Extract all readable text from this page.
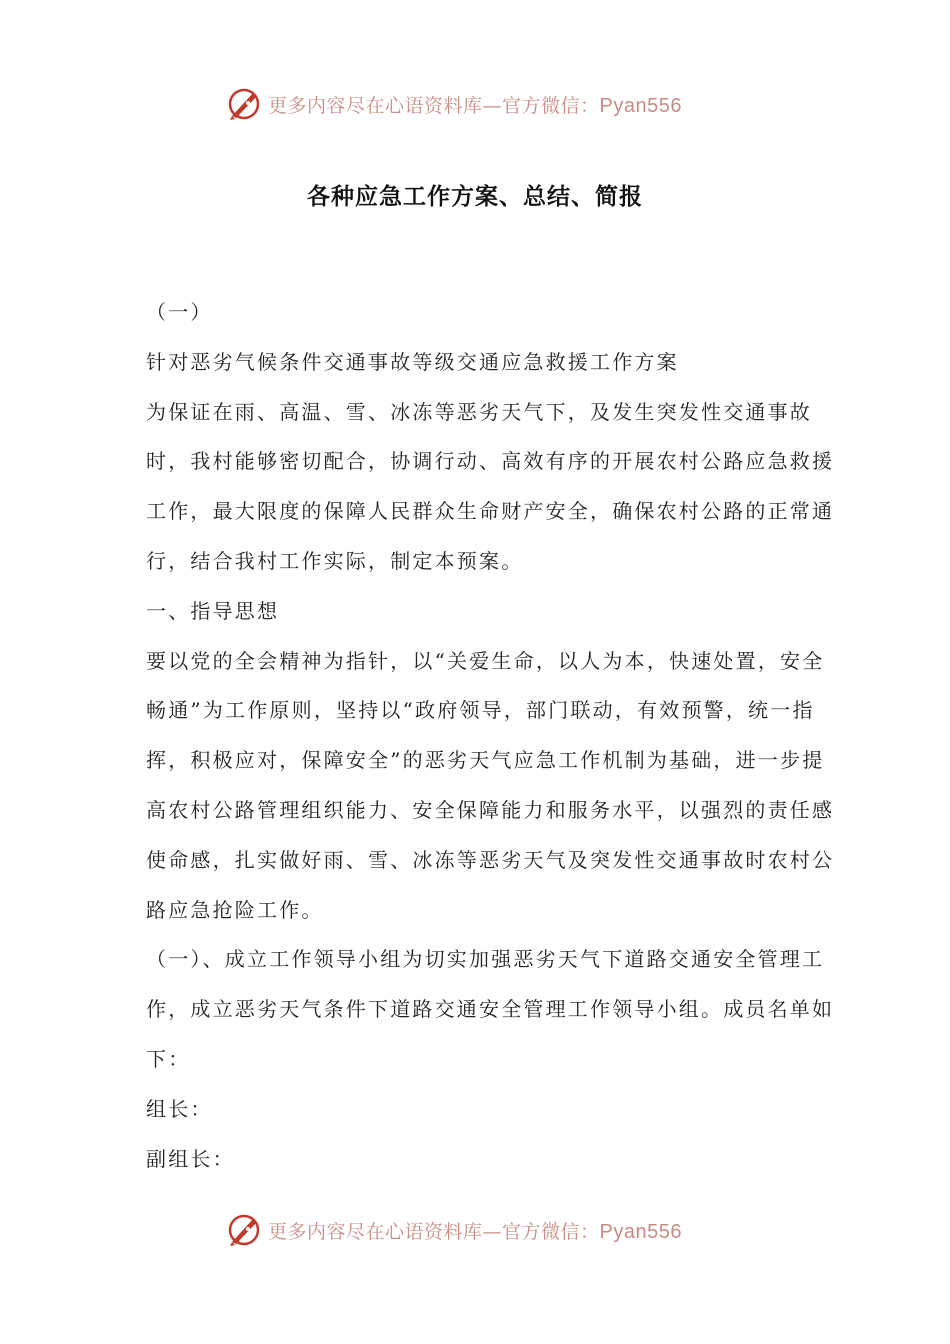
更多内容尽在心语资料库—官方微信：Pyan556
各种应急工作方案、总结、简报

（一）

针对恶劣气候条件交通事故等级交通应急救援工作方案

为保证在雨、高温、雪、冰冻等恶劣天气下，及发生突发性交通事故时，我村能够密切配合，协调行动、高效有序的开展农村公路应急救援工作，最大限度的保障人民群众生命财产安全，确保农村公路的正常通行，结合我村工作实际，制定本预案。

一、指导思想

要以党的全会精神为指针，以“关爱生命，以人为本，快速处置，安全畅通”为工作原则，坚持以“政府领导，部门联动，有效预警，统一指挥，积极应对，保障安全”的恶劣天气应急工作机制为基础，进一步提高农村公路管理组织能力、安全保障能力和服务水平，以强烈的责任感使命感，扎实做好雨、雪、冰冻等恶劣天气及突发性交通事故时农村公路应急抢险工作。

（一）、成立工作领导小组为切实加强恶劣天气下道路交通安全管理工作，成立恶劣天气条件下道路交通安全管理工作领导小组。成员名单如下：

组长：

副组长：

更多内容尽在心语资料库—官方微信：Pyan556
